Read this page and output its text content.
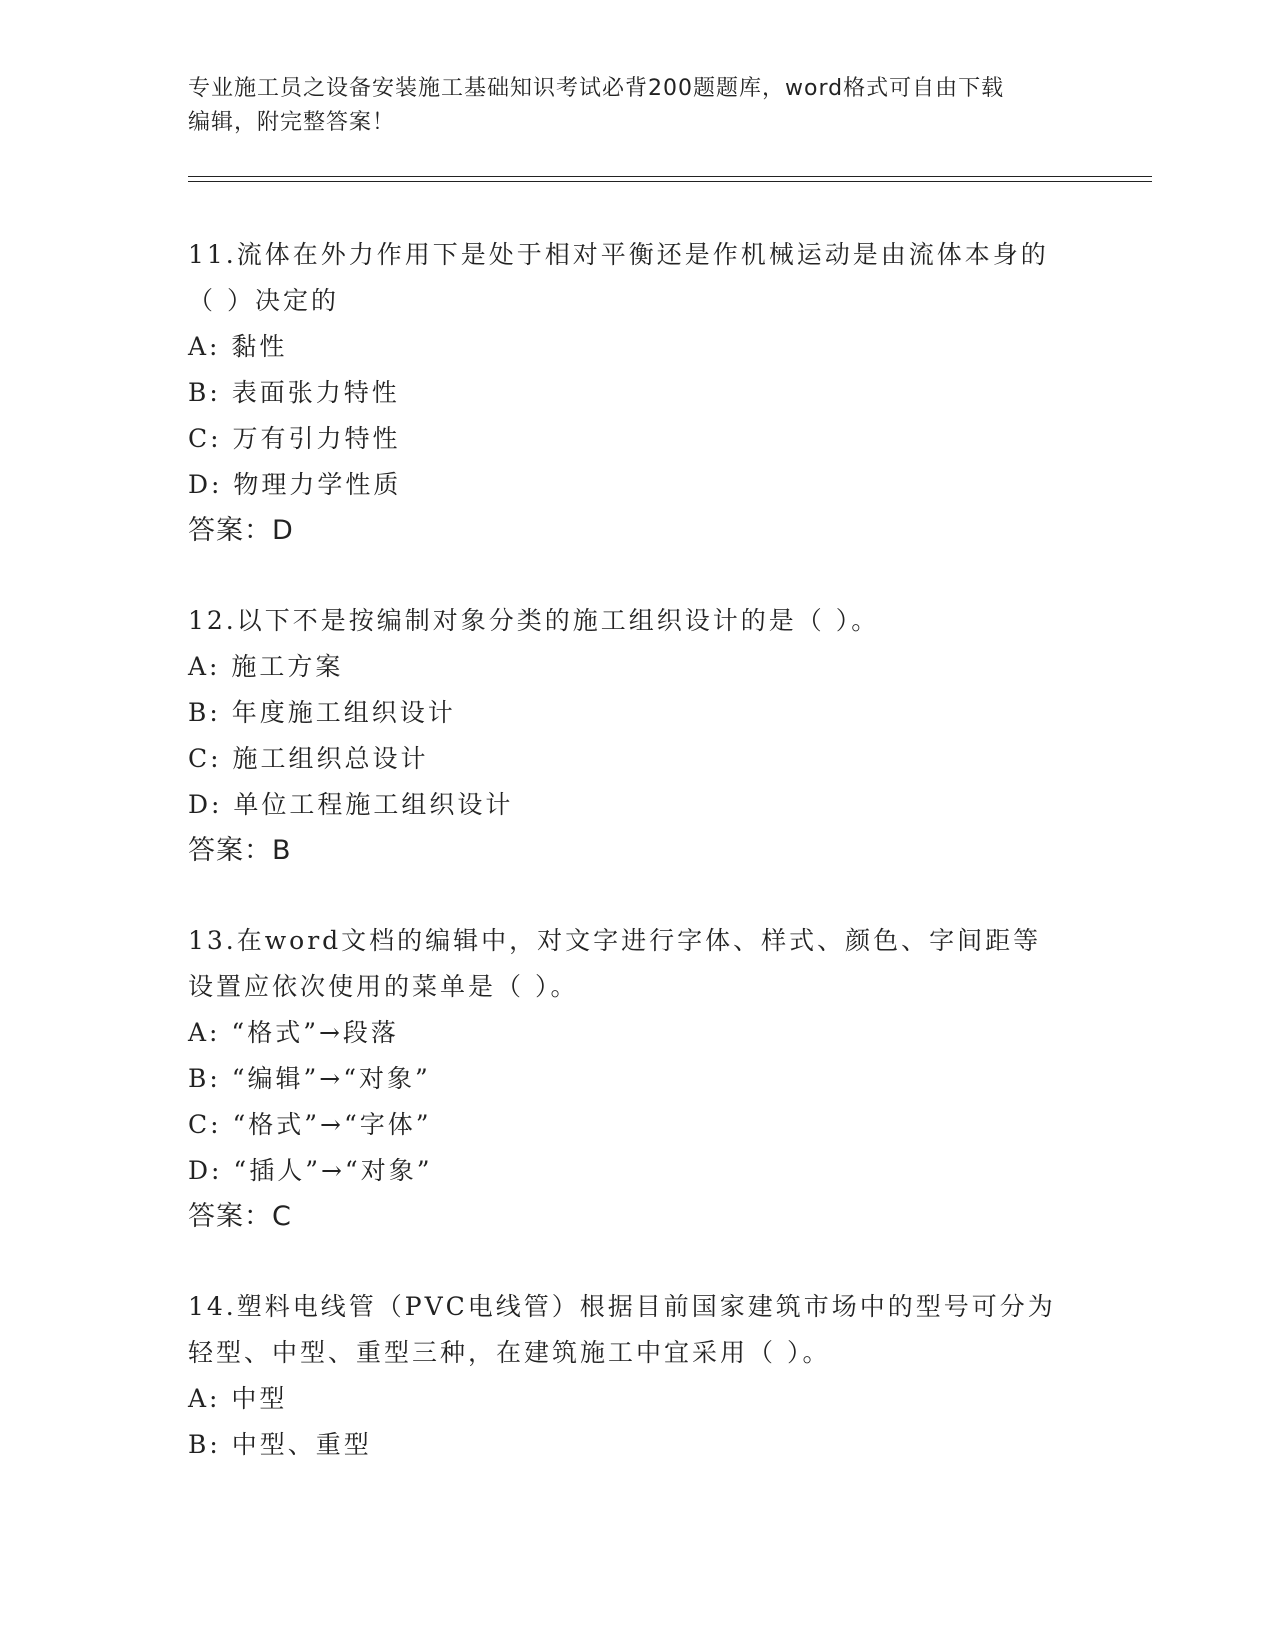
专业施工员之设备安装施工基础知识考试必背200题题库，word格式可自由下载
编辑，附完整答案！
11.流体在外力作用下是处于相对平衡还是作机械运动是由流体本身的
（ ）决定的
A: 黏性
B: 表面张力特性
C: 万有引力特性
D: 物理力学性质
答案：D
12.以下不是按编制对象分类的施工组织设计的是（ ）。
A: 施工方案
B: 年度施工组织设计
C: 施工组织总设计
D: 单位工程施工组织设计
答案：B
13.在word文档的编辑中，对文字进行字体、样式、颜色、字间距等
设置应依次使用的菜单是（ ）。
A: “格式”→段落
B: “编辑”→“对象”
C: “格式”→“字体”
D: “插人”→“对象”
答案：C
14.塑料电线管（PVC电线管）根据目前国家建筑市场中的型号可分为
轻型、中型、重型三种，在建筑施工中宜采用（ ）。
A: 中型
B: 中型、重型
